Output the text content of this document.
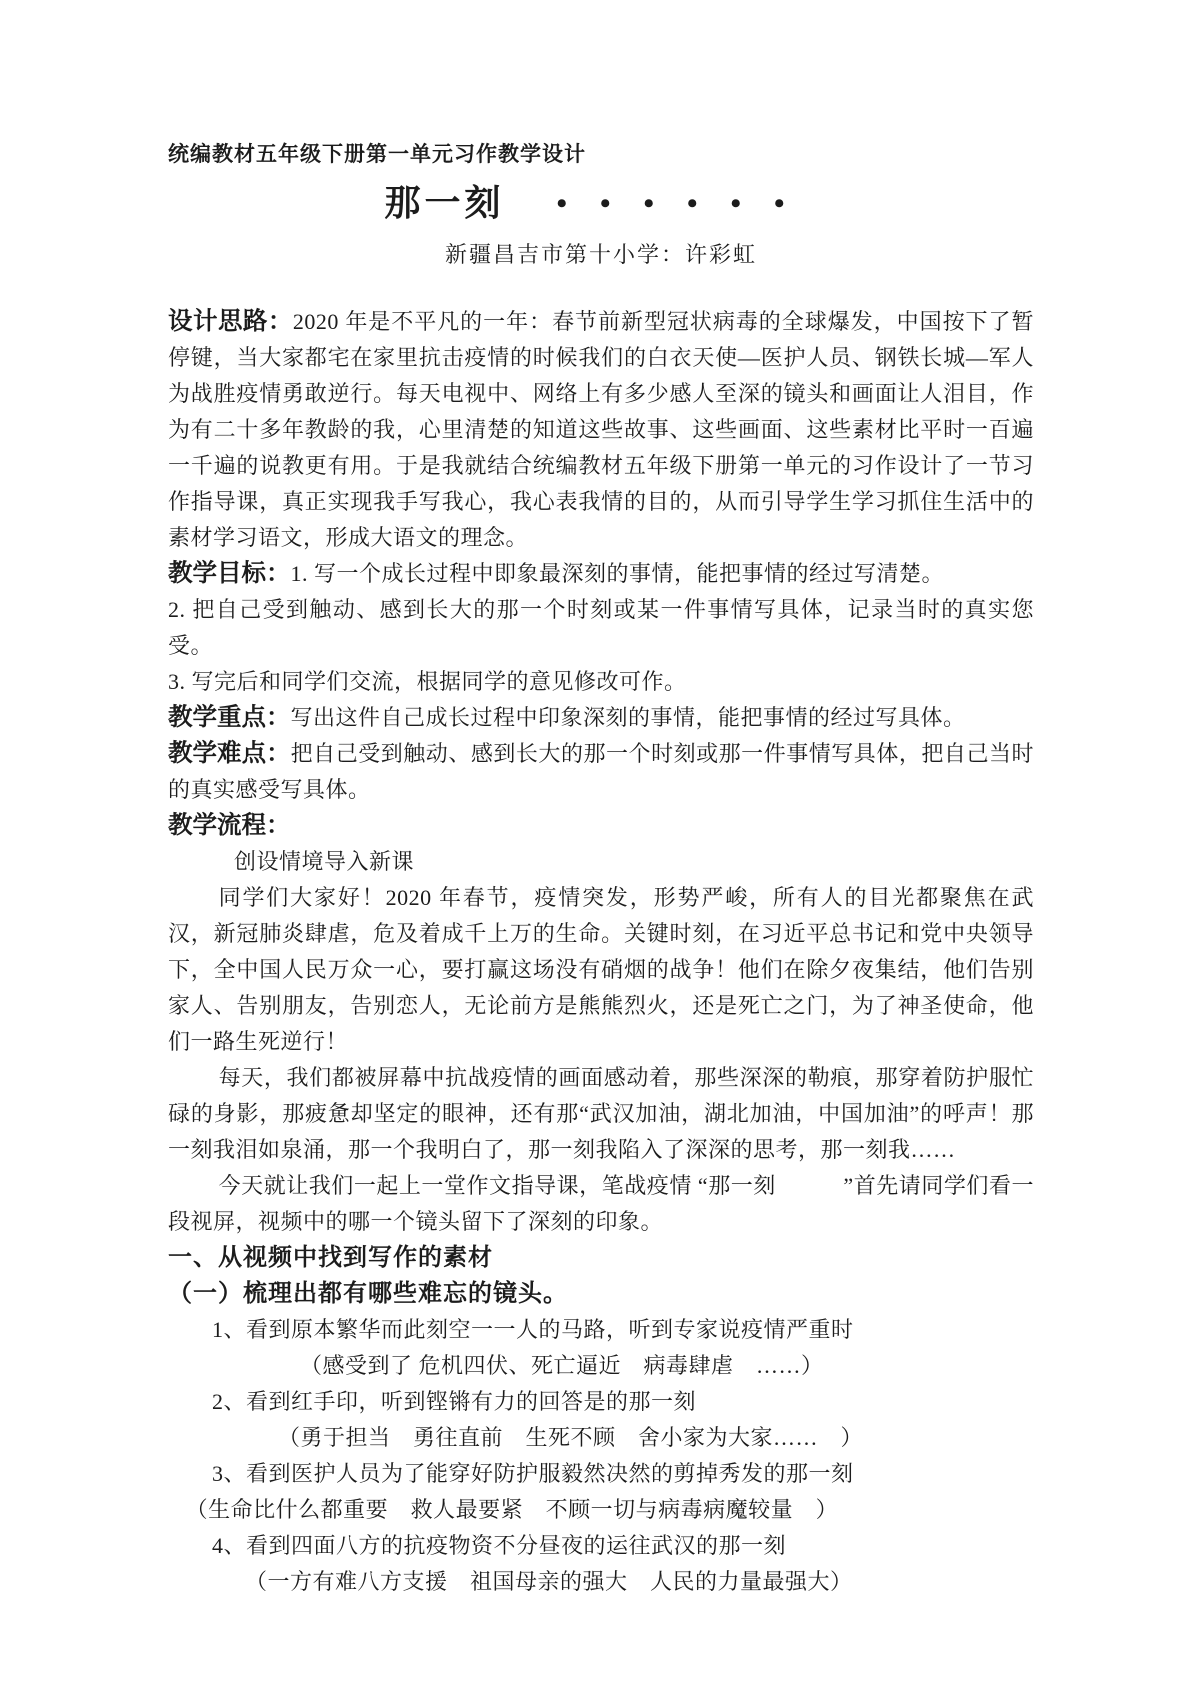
统编教材五年级下册第一单元习作教学设计
那一刻 ••••••
新疆昌吉市第十小学：许彩虹

设计思路：2020 年是不平凡的一年：春节前新型冠状病毒的全球爆发，中国按下了暂停键，当大家都宅在家里抗击疫情的时候我们的白衣天使—医护人员、钢铁长城—军人为战胜疫情勇敢逆行。每天电视中、网络上有多少感人至深的镜头和画面让人泪目，作为有二十多年教龄的我，心里清楚的知道这些故事、这些画面、这些素材比平时一百遍一千遍的说教更有用。于是我就结合统编教材五年级下册第一单元的习作设计了一节习作指导课，真正实现我手写我心，我心表我情的目的，从而引导学生学习抓住生活中的素材学习语文，形成大语文的理念。

教学目标：1. 写一个成长过程中即象最深刻的事情，能把事情的经过写清楚。

2. 把自己受到触动、感到长大的那一个时刻或某一件事情写具体，记录当时的真实您受。

3. 写完后和同学们交流，根据同学的意见修改可作。

教学重点：写出这件自己成长过程中印象深刻的事情，能把事情的经过写具体。

教学难点：把自己受到触动、感到长大的那一个时刻或那一件事情写具体，把自己当时的真实感受写具体。

教学流程：

创设情境导入新课

同学们大家好！2020 年春节，疫情突发，形势严峻，所有人的目光都聚焦在武汉，新冠肺炎肆虐，危及着成千上万的生命。关键时刻，在习近平总书记和党中央领导下，全中国人民万众一心，要打赢这场没有硝烟的战争！他们在除夕夜集结，他们告别家人、告别朋友，告别恋人，无论前方是熊熊烈火，还是死亡之门，为了神圣使命，他们一路生死逆行！

每天，我们都被屏幕中抗战疫情的画面感动着，那些深深的勒痕，那穿着防护服忙碌的身影，那疲惫却坚定的眼神，还有那“武汉加油，湖北加油，中国加油”的呼声！那一刻我泪如泉涌，那一个我明白了，那一刻我陷入了深深的思考，那一刻我……

今天就让我们一起上一堂作文指导课，笔战疫情 “那一刻　　　”首先请同学们看一段视屏，视频中的哪一个镜头留下了深刻的印象。

一、从视频中找到写作的素材

（一）梳理出都有哪些难忘的镜头。

1、看到原本繁华而此刻空一一人的马路，听到专家说疫情严重时

（感受到了 危机四伏、死亡逼近　病毒肆虐　……）

2、看到红手印，听到铿锵有力的回答是的那一刻

（勇于担当　勇往直前　生死不顾　舍小家为大家……　）

3、看到医护人员为了能穿好防护服毅然决然的剪掉秀发的那一刻

（生命比什么都重要　救人最要紧　不顾一切与病毒病魔较量　）

4、看到四面八方的抗疫物资不分昼夜的运往武汉的那一刻

（一方有难八方支援　祖国母亲的强大　人民的力量最强大）
